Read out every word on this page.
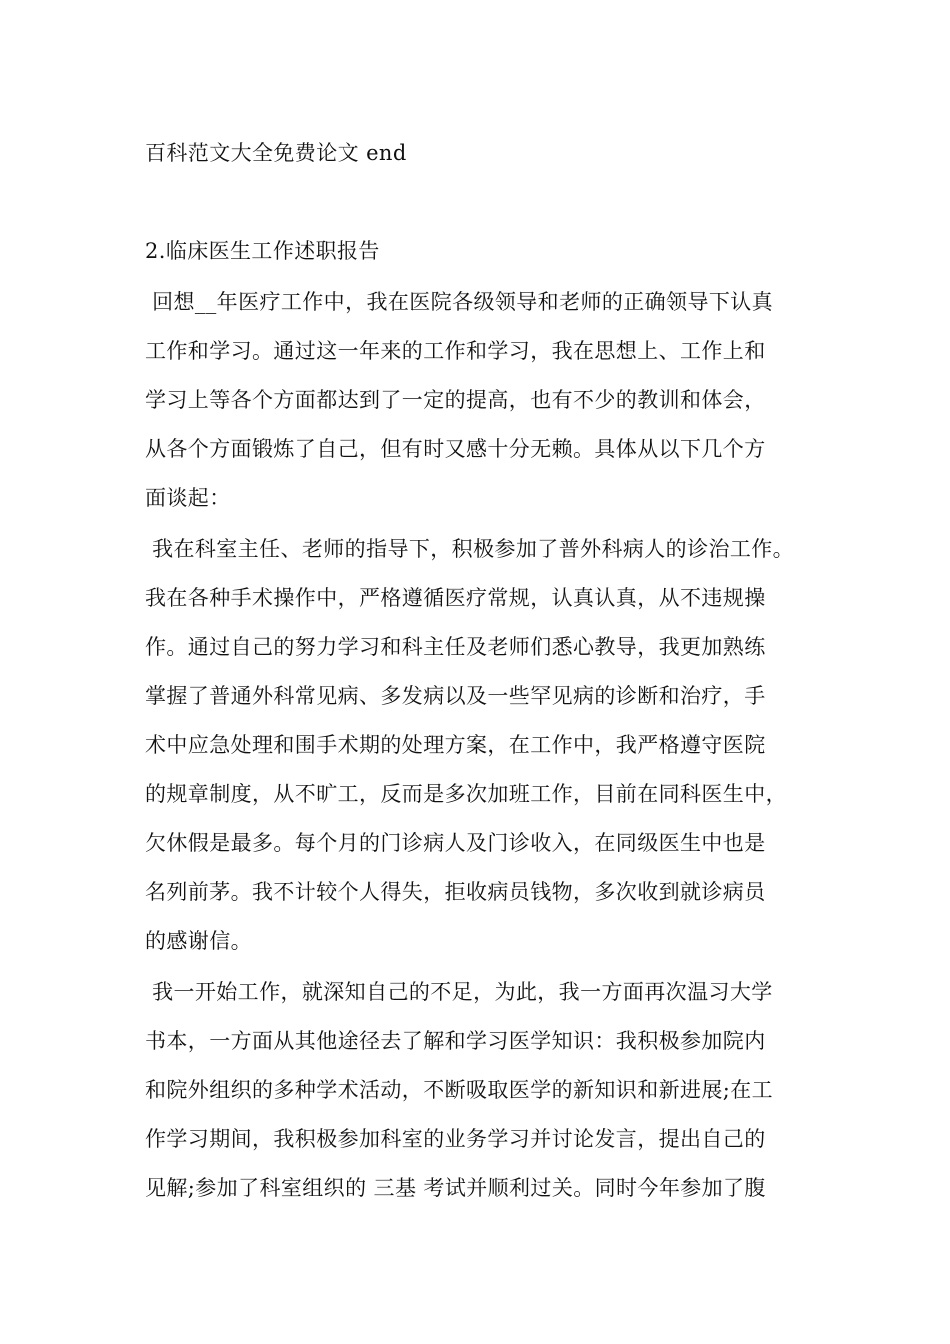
百科范文大全免费论文 end
2.临床医生工作述职报告
回想__年医疗工作中，我在医院各级领导和老师的正确领导下认真
工作和学习。通过这一年来的工作和学习，我在思想上、工作上和
学习上等各个方面都达到了一定的提高，也有不少的教训和体会，
从各个方面锻炼了自己，但有时又感十分无赖。具体从以下几个方
面谈起：
我在科室主任、老师的指导下，积极参加了普外科病人的诊治工作。
我在各种手术操作中，严格遵循医疗常规，认真认真，从不违规操
作。通过自己的努力学习和科主任及老师们悉心教导，我更加熟练
掌握了普通外科常见病、多发病以及一些罕见病的诊断和治疗，手
术中应急处理和围手术期的处理方案，在工作中，我严格遵守医院
的规章制度，从不旷工，反而是多次加班工作，目前在同科医生中，
欠休假是最多。每个月的门诊病人及门诊收入，在同级医生中也是
名列前茅。我不计较个人得失，拒收病员钱物，多次收到就诊病员
的感谢信。
我一开始工作，就深知自己的不足，为此，我一方面再次温习大学
书本，一方面从其他途径去了解和学习医学知识：我积极参加院内
和院外组织的多种学术活动，不断吸取医学的新知识和新进展;在工
作学习期间，我积极参加科室的业务学习并讨论发言，提出自己的
见解;参加了科室组织的 三基 考试并顺利过关。同时今年参加了腹
